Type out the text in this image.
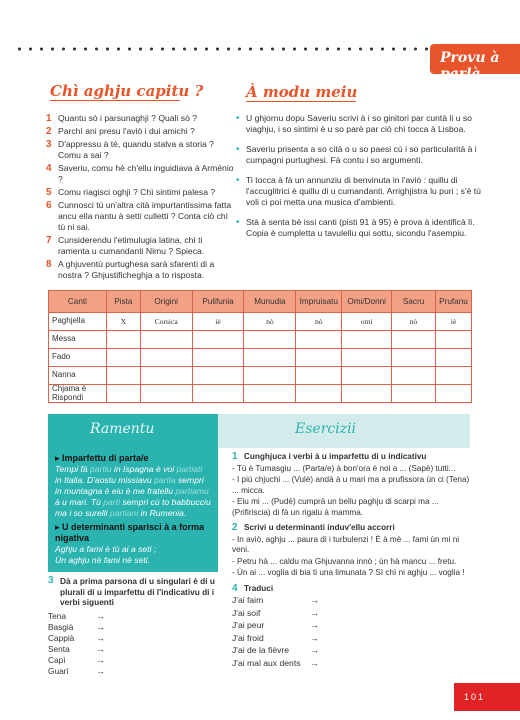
Provu à parlà
Chì aghju capitu ?	À modu meiu
1 Quantu sò i parsunaghji ? Quali sò ?
2 Parchì ani presu l'aviò i dui amichi ?
3 D'appressu à tè, quandu stalva a storia ? Comu a sai ?
4 Saveriu, comu hè ch'ellu inguidiava à Arménio ?
5 Comu riagisci oghji ? Chì sintimi palesa ?
6 Cunnosci tù un'altra cità impurtantissima fatta ancu ella nantu à setti culletti ? Conta ciò chì tù ni sai.
7 Cunsiderendu l'etimulugia latina, chì ti ramenta u cumandanti Nimu ? Spieca.
8 A ghjuventù purtughesa sarà sfarenti di a nostra ? Ghjustificheghja a to risposta.
• U ghjornu dopu Saveriu scrivi à i so ginitori par cuntà li u so viaghju, i so sintimi è u so parè par ciò chì tocca à Lisboa.
• Saveriu prisenta a so cità o u so paesi cù i so particularità à i cumpagni purtughesi. Fà contu i so argumenti.
• Ti tocca à fà un annunziu di benvinuta in l'aviò : quillu di l'accuglitrici è quillu di u cumandanti. Arrighjistra lu puri ; s'è tù voli ci poi metta una musica d'ambienti.
• Stà à senta bè issi canti (pisti 91 à 95) è prova à identificà lì. Copia è cumpletta u tavulellu qui sottu, sicondu l'asempiu.
Canti	Pista	Origini	Pulifunia	Munudia	Impruisatu	Omi/Donni	Sacru	Prufanu
Paghjella	X	Corsica	iè	nò	nò	omi	nò	iè
Messa								
Fado								
Nanna								
Chjama è Rispondi								
Ramentu	Esercizii
▸ Imparfettu di parta/e
Tempi fà partiu in Ispagna è voi partiati in Italia. D'aostu missiavu partia sempri in muntagna è eiu è me fratellu partiamu à u mari. Tù parti sempri cù to babbucciu ma i so surelli partiani in Rumenia.
▸ U determinanti sparisci à a forma nigativa
Aghju a fami è tù ai a seti ;
Ùn aghju nè fami nè seti.
3 Dà a prima parsona di u singulari è di u plurali di u imparfettu di l'indicativu di i verbi siguenti
Tena	→
Basgià	→
Cappià	→
Senta	→
Capì	→
Guarì	→
1 Cunghjuca i verbi à u imparfettu di u indicativu
- Tù è Tumasgiu ... (Parta/e) à bon'ora è noi a ... (Sapè) tutti...
- I più chjuchi ... (Vulè) andà à u mari ma a prufissora ùn ci (Tena) ... micca.
- Eiu mi ... (Pudè) cumprà un bellu paghju di scarpi ma ... (Prifiriscia) di fà un rigalu à mamma.
2 Scrivi u determinanti induv'ellu accorri
- In aviò, aghju ... paura di i turbulenzi ! È à mè ... fami ùn mi ni veni.
- Petru hà ... caldu ma Ghjuvanna innò ; ùn hà mancu ... fretu.
- Ùn ai ... voglia di bia ti una limunata ? Sì chì ni aghju ... voglia !
4 Traduci
J'ai faim	→
J'ai soif	→
J'ai peur	→
J'ai froid	→
J'ai de la fièvre	→
J'ai mal aux dents	→
101
